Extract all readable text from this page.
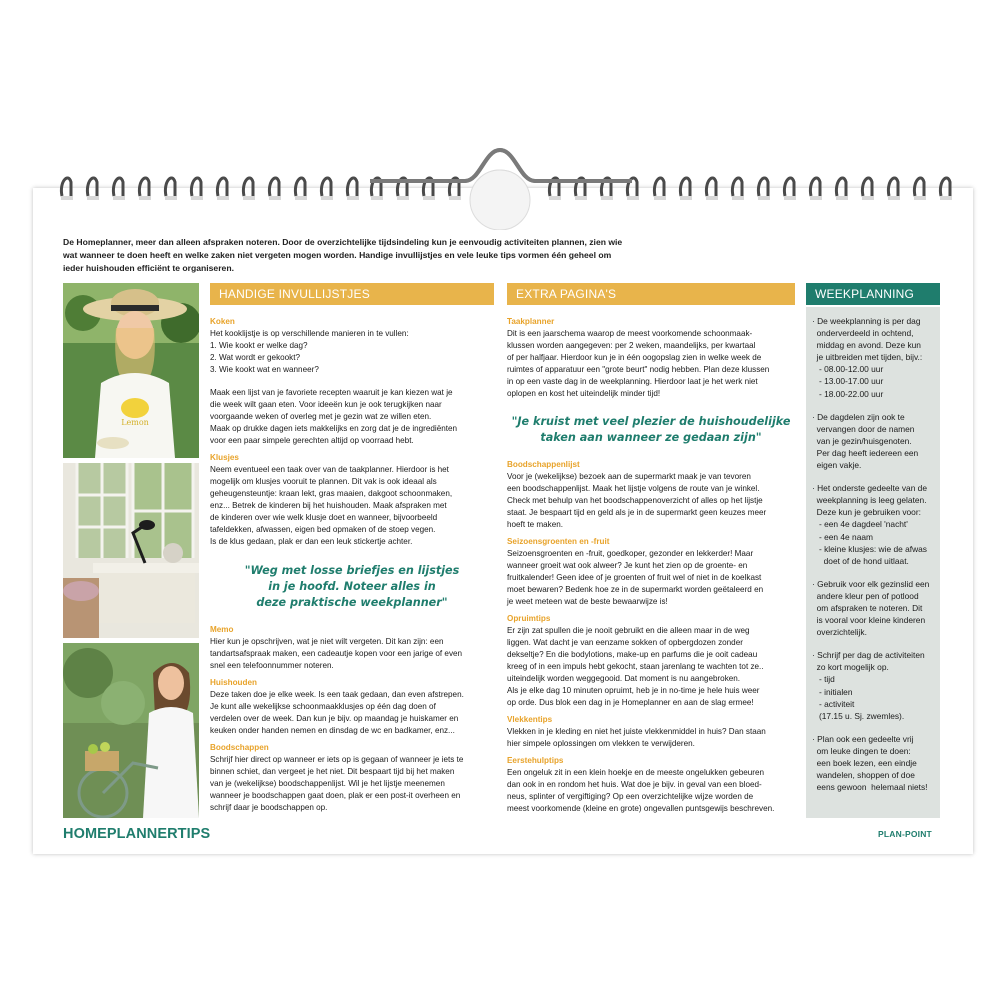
De Homeplanner, meer dan alleen afspraken noteren. Door de overzichtelijke tijdsindeling kun je eenvoudig activiteiten plannen, zien wie
wat wanneer te doen heeft en welke zaken niet vergeten mogen worden. Handige invullijstjes en vele leuke tips vormen één geheel om
ieder huishouden efficiënt te organiseren.
Lemon
HANDIGE INVULLIJSTJES	EXTRA PAGINA'S	WEEKPLANNING
Koken
Het kooklijstje is op verschillende manieren in te vullen:
1. Wie kookt er welke dag?
2. Wat wordt er gekookt?
3. Wie kookt wat en wanneer?
Maak een lijst van je favoriete recepten waaruit je kan kiezen wat je
die week wilt gaan eten. Voor ideeën kun je ook terugkijken naar
voorgaande weken of overleg met je gezin wat ze willen eten.
Maak op drukke dagen iets makkelijks en zorg dat je de ingrediënten
voor een paar simpele gerechten altijd op voorraad hebt.
Klusjes
Neem eventueel een taak over van de taakplanner. Hierdoor is het
mogelijk om klusjes vooruit te plannen. Dit vak is ook ideaal als
geheugensteuntje: kraan lekt, gras maaien, dakgoot schoonmaken,
enz... Betrek de kinderen bij het huishouden. Maak afspraken met
de kinderen over wie welk klusje doet en wanneer, bijvoorbeeld
tafeldekken, afwassen, eigen bed opmaken of de stoep vegen.
Is de klus gedaan, plak er dan een leuk stickertje achter.
"Weg met losse briefjes en lijstjes
in je hoofd. Noteer alles in
deze praktische weekplanner"
Memo
Hier kun je opschrijven, wat je niet wilt vergeten. Dit kan zijn: een
tandartsafspraak maken, een cadeautje kopen voor een jarige of even
snel een telefoonnummer noteren.
Huishouden
Deze taken doe je elke week. Is een taak gedaan, dan even afstrepen.
Je kunt alle wekelijkse schoonmaakklusjes op één dag doen of
verdelen over de week. Dan kun je bijv. op maandag je huiskamer en
keuken onder handen nemen en dinsdag de wc en badkamer, enz...
Boodschappen
Schrijf hier direct op wanneer er iets op is gegaan of wanneer je iets te
binnen schiet, dan vergeet je het niet. Dit bespaart tijd bij het maken
van je (wekelijkse) boodschappenlijst. Wil je het lijstje meenemen
wanneer je boodschappen gaat doen, plak er een post-it overheen en
schrijf daar je boodschappen op.
Taakplanner
Dit is een jaarschema waarop de meest voorkomende schoonmaak-
klussen worden aangegeven: per 2 weken, maandelijks, per kwartaal
of per halfjaar. Hierdoor kun je in één oogopslag zien in welke week de
ruimtes of apparatuur een "grote beurt" nodig hebben. Plan deze klussen
in op een vaste dag in de weekplanning. Hierdoor laat je het werk niet
oplopen en kost het uiteindelijk minder tijd!
"Je kruist met veel plezier de huishoudelijke
taken aan wanneer ze gedaan zijn"
Boodschappenlijst
Voor je (wekelijkse) bezoek aan de supermarkt maak je van tevoren
een boodschappenlijst. Maak het lijstje volgens de route van je winkel.
Check met behulp van het boodschappenoverzicht of alles op het lijstje
staat. Je bespaart tijd en geld als je in de supermarkt geen keuzes meer
hoeft te maken.
Seizoensgroenten en -fruit
Seizoensgroenten en -fruit, goedkoper, gezonder en lekkerder! Maar
wanneer groeit wat ook alweer? Je kunt het zien op de groente- en
fruitkalender! Geen idee of je groenten of fruit wel of niet in de koelkast
moet bewaren? Bedenk hoe ze in de supermarkt worden geëtaleerd en
je weet meteen wat de beste bewaarwijze is!
Opruimtips
Er zijn zat spullen die je nooit gebruikt en die alleen maar in de weg
liggen. Wat dacht je van eenzame sokken of opbergdozen zonder
dekseltje? En die bodylotions, make-up en parfums die je ooit cadeau
kreeg of in een impuls hebt gekocht, staan jarenlang te wachten tot ze..
uiteindelijk worden weggegooid. Dat moment is nu aangebroken.
Als je elke dag 10 minuten opruimt, heb je in no-time je hele huis weer
op orde. Dus blok een dag in je Homeplanner en aan de slag ermee!
Vlekkentips
Vlekken in je kleding en niet het juiste vlekkenmiddel in huis? Dan staan
hier simpele oplossingen om vlekken te verwijderen.
Eerstehulptips
Een ongeluk zit in een klein hoekje en de meeste ongelukken gebeuren
dan ook in en rondom het huis. Wat doe je bijv. in geval van een bloed-
neus, splinter of vergiftiging? Op een overzichtelijke wijze worden de
meest voorkomende (kleine en grote) ongevallen puntsgewijs beschreven.
· De weekplanning is per dag
onderverdeeld in ochtend,
middag en avond. Deze kun
je uitbreiden met tijden, bijv.:
- 08.00-12.00 uur
- 13.00-17.00 uur
- 18.00-22.00 uur
· De dagdelen zijn ook te
vervangen door de namen
van je gezin/huisgenoten.
Per dag heeft iedereen een
eigen vakje.
· Het onderste gedeelte van de
weekplanning is leeg gelaten.
Deze kun je gebruiken voor:
- een 4e dagdeel 'nacht'
- een 4e naam
- kleine klusjes: wie de afwas
doet of de hond uitlaat.
· Gebruik voor elk gezinslid een
andere kleur pen of potlood
om afspraken te noteren. Dit
is vooral voor kleine kinderen
overzichtelijk.
· Schrijf per dag de activiteiten
zo kort mogelijk op.
- tijd
- initialen
- activiteit
(17.15 u. Sj. zwemles).
· Plan ook een gedeelte vrij
om leuke dingen te doen:
een boek lezen, een eindje
wandelen, shoppen of doe
eens gewoon  helemaal niets!
HOMEPLANNERTIPS	PLAN-POINT
